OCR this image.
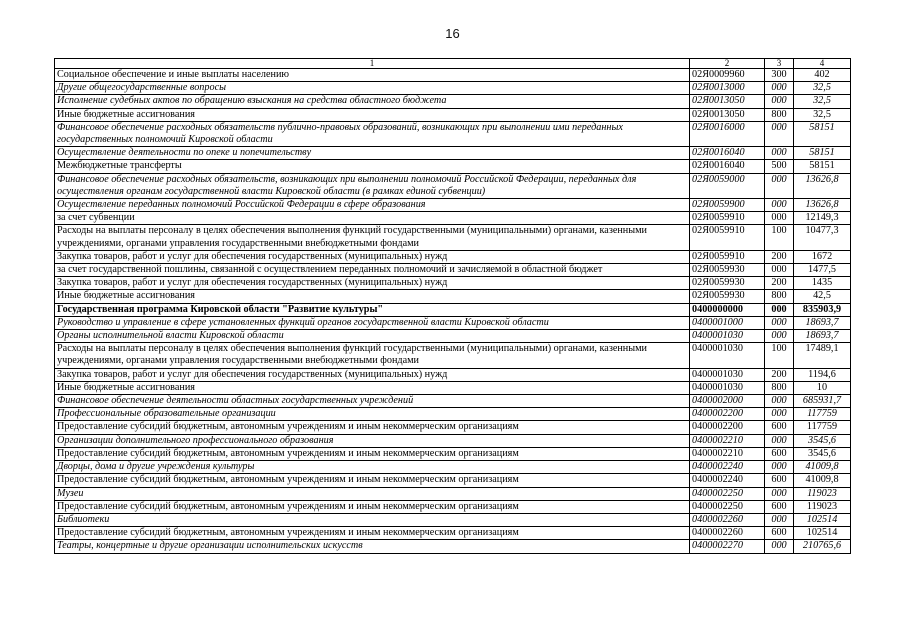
16
1	2	3	4
Социальное обеспечение и иные выплаты населению	02Я0009960	300	402
Другие общегосударственные вопросы	02Я0013000	000	32,5
Исполнение судебных актов по обращению взыскания на средства областного бюджета	02Я0013050	000	32,5
Иные бюджетные ассигнования	02Я0013050	800	32,5
Финансовое обеспечение расходных обязательств публично-правовых образований, возникающих при выполнении ими переданных государственных полномочий Кировской области	02Я0016000	000	58151
Осуществление деятельности по опеке и попечительству	02Я0016040	000	58151
Межбюджетные трансферты	02Я0016040	500	58151
Финансовое обеспечение расходных обязательств, возникающих при выполнении полномочий Российской Федерации, переданных для осуществления органам государственной власти Кировской области (в рамках единой субвенции)	02Я0059000	000	13626,8
Осуществление переданных полномочий Российской Федерации в сфере образования	02Я0059900	000	13626,8
за счет субвенции	02Я0059910	000	12149,3
Расходы на выплаты персоналу в целях обеспечения выполнения функций государственными (муниципальными) органами, казенными учреждениями, органами управления государственными внебюджетными фондами	02Я0059910	100	10477,3
Закупка товаров, работ и услуг для обеспечения государственных (муниципальных) нужд	02Я0059910	200	1672
за счет государственной пошлины, связанной с осуществлением переданных полномочий и зачисляемой в областной бюджет	02Я0059930	000	1477,5
Закупка товаров, работ и услуг для обеспечения государственных (муниципальных) нужд	02Я0059930	200	1435
Иные бюджетные ассигнования	02Я0059930	800	42,5
Государственная программа Кировской области "Развитие культуры"	0400000000	000	835903,9
Руководство и управление в сфере установленных функций органов государственной власти Кировской области	0400001000	000	18693,7
Органы исполнительной власти Кировской области	0400001030	000	18693,7
Расходы на выплаты персоналу в целях обеспечения выполнения функций государственными (муниципальными) органами, казенными учреждениями, органами управления государственными внебюджетными фондами	0400001030	100	17489,1
Закупка товаров, работ и услуг для обеспечения государственных (муниципальных) нужд	0400001030	200	1194,6
Иные бюджетные ассигнования	0400001030	800	10
Финансовое обеспечение деятельности областных государственных учреждений	0400002000	000	685931,7
Профессиональные образовательные организации	0400002200	000	117759
Предоставление субсидий бюджетным, автономным учреждениям и иным некоммерческим организациям	0400002200	600	117759
Организации дополнительного профессионального образования	0400002210	000	3545,6
Предоставление субсидий бюджетным, автономным учреждениям и иным некоммерческим организациям	0400002210	600	3545,6
Дворцы, дома и другие учреждения культуры	0400002240	000	41009,8
Предоставление субсидий бюджетным, автономным учреждениям и иным некоммерческим организациям	0400002240	600	41009,8
Музеи	0400002250	000	119023
Предоставление субсидий бюджетным, автономным учреждениям и иным некоммерческим организациям	0400002250	600	119023
Библиотеки	0400002260	000	102514
Предоставление субсидий бюджетным, автономным учреждениям и иным некоммерческим организациям	0400002260	600	102514
Театры, концертные и другие организации исполнительских искусств	0400002270	000	210765,6
